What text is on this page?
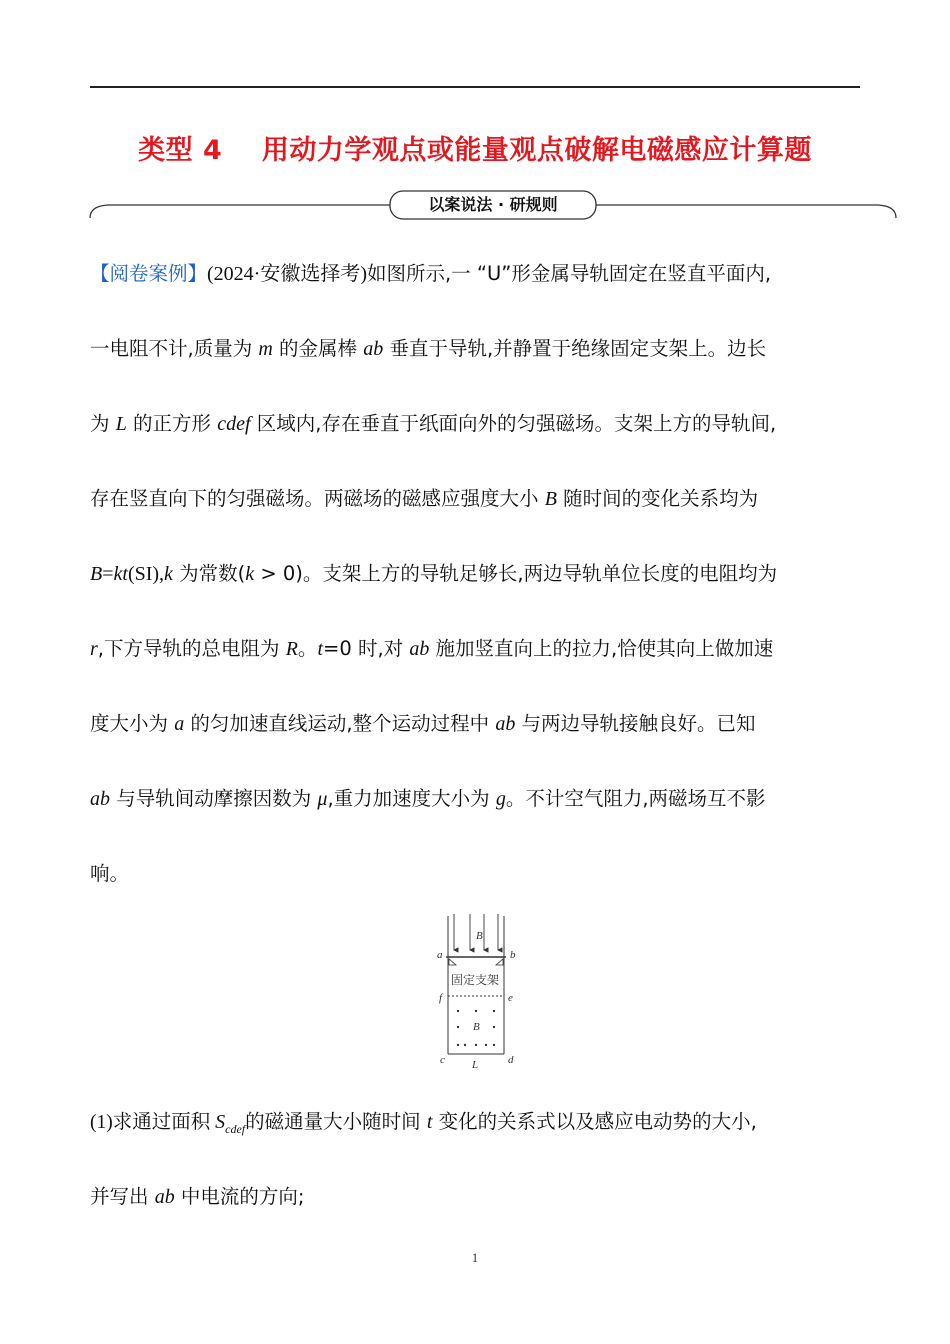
类型 4    用动力学观点或能量观点破解电磁感应计算题
以案说法 · 研规则
【阅卷案例】(2024·安徽选择考)如图所示,一 “U”形金属导轨固定在竖直平面内,
一电阻不计,质量为 m 的金属棒 ab 垂直于导轨,并静置于绝缘固定支架上。边长
为 L 的正方形 cdef 区域内,存在垂直于纸面向外的匀强磁场。支架上方的导轨间,
存在竖直向下的匀强磁场。两磁场的磁感应强度大小 B 随时间的变化关系均为
B=kt(SI),k 为常数(k > 0)。支架上方的导轨足够长,两边导轨单位长度的电阻均为
r,下方导轨的总电阻为 R。t=0 时,对 ab 施加竖直向上的拉力,恰使其向上做加速
度大小为 a 的匀加速直线运动,整个运动过程中 ab 与两边导轨接触良好。已知
ab 与导轨间动摩擦因数为 μ,重力加速度大小为 g。不计空气阻力,两磁场互不影
响。
B
a	b
固定支架
f	e
B
c	d
L
(1)求通过面积 $S_{cdef}$的磁通量大小随时间 t 变化的关系式以及感应电动势的大小,
并写出 ab 中电流的方向;
1
